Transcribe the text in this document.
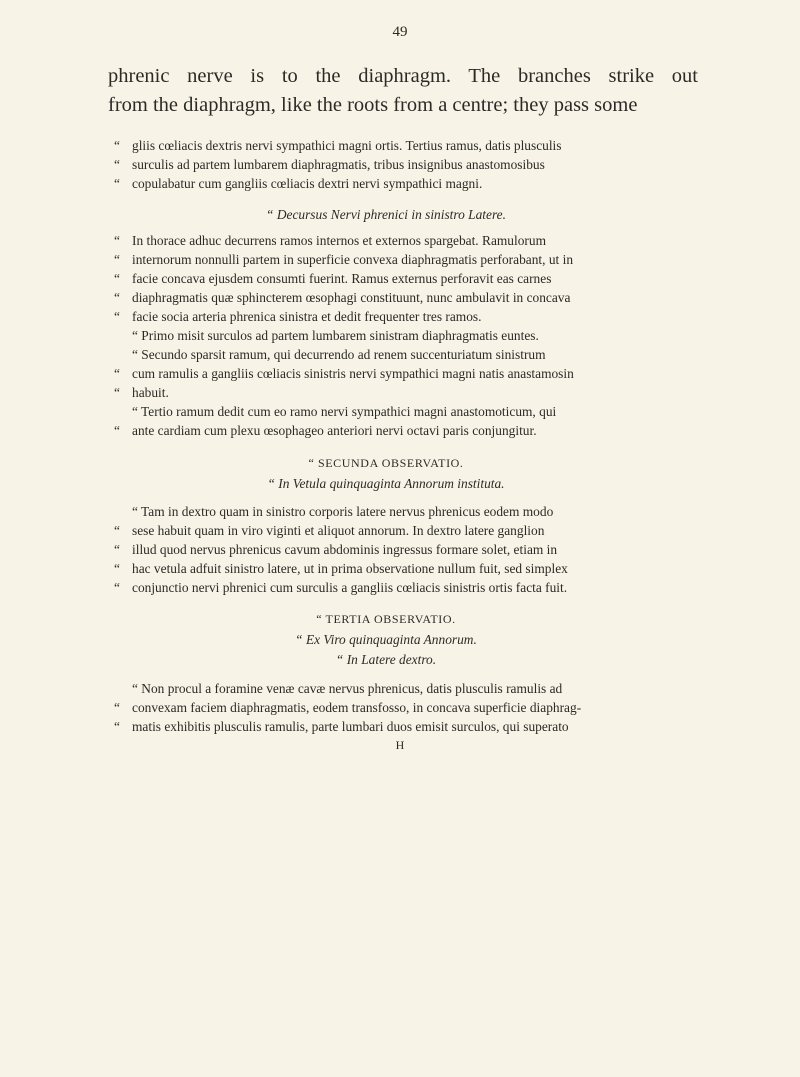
49
phrenic nerve is to the diaphragm. The branches strike out
from the diaphragm, like the roots from a centre; they pass some
“ gliis cœliacis dextris nervi sympathici magni ortis. Tertius ramus, datis plusculis
“ surculis ad partem lumbarem diaphragmatis, tribus insignibus anastomosibus
“ copulabatur cum gangliis cœliacis dextri nervi sympathici magni.
“ Decursus Nervi phrenici in sinistro Latere.
“ In thorace adhuc decurrens ramos internos et externos spargebat. Ramulorum
“ internorum nonnulli partem in superficie convexa diaphragmatis perforabant, ut in
“ facie concava ejusdem consumti fuerint. Ramus externus perforavit eas carnes
“ diaphragmatis quæ sphincterem œsophagi constituunt, nunc ambulavit in concava
“ facie socia arteria phrenica sinistra et dedit frequenter tres ramos.
“ Primo misit surculos ad partem lumbarem sinistram diaphragmatis euntes.
“ Secundo sparsit ramum, qui decurrendo ad renem succenturiatum sinistrum
“ cum ramulis a gangliis cœliacis sinistris nervi sympathici magni natis anastamosin
“ habuit.
“ Tertio ramum dedit cum eo ramo nervi sympathici magni anastomoticum, qui
“ ante cardiam cum plexu œsophageo anteriori nervi octavi paris conjungitur.
“ SECUNDA OBSERVATIO.
“ In Vetula quinquaginta Annorum instituta.
“ Tam in dextro quam in sinistro corporis latere nervus phrenicus eodem modo
“ sese habuit quam in viro viginti et aliquot annorum. In dextro latere ganglion
“ illud quod nervus phrenicus cavum abdominis ingressus formare solet, etiam in
“ hac vetula adfuit sinistro latere, ut in prima observatione nullum fuit, sed simplex
“ conjunctio nervi phrenici cum surculis a gangliis cœliacis sinistris ortis facta fuit.
“ TERTIA OBSERVATIO.
“ Ex Viro quinquaginta Annorum.
“ In Latere dextro.
“ Non procul a foramine venæ cavæ nervus phrenicus, datis plusculis ramulis ad
“ convexam faciem diaphragmatis, eodem transfosso, in concava superficie diaphrag-
“ matis exhibitis plusculis ramulis, parte lumbari duos emisit surculos, qui superato
H
